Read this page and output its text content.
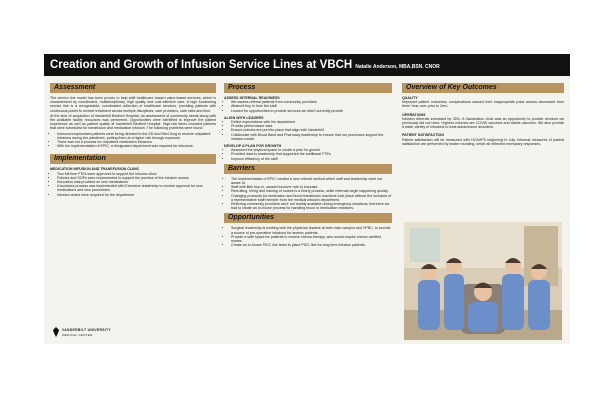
Creation and Growth of Infusion Service Lines at VBCH Natalie Anderson, MBA.BSN. CNOR
Assessment

The service line model has been proven to help shift healthcare toward value-based services, which is characterized by coordinated, multidisciplinary, high quality and cost-effective care. A high functioning service line is a recognizable, coordinated collection of healthcare services, providing patients with continuous points to receive treatment across multiple disciplines, care providers, care sites and time.

At the time of acquisition of Vanderbilt Bedford Hospital, an assessment of community needs along with the available facility resources was performed. Opportunities were identified to improve the patient experience as well as patient quality at Vanderbilt Bedford Hospital. High-risk items included patients that were scheduled for transfusion and medication infusion. The following problems were found.

• Immunocompromised patients were being directed to the ED and Med Surg to receive outpatient infusions during the pandemic, putting them at a higher risk through exposure.
• There was not a process for outpatient medication infusions
• With the implementation of EPIC, a designated department was required for infusions.
Implementation
MEDICATION INFUSION AND TRANSFUSION CLINIC
• Two full time FTEs were approved to support the infusion clinic
• Policies and SOPs were implemented to support the practice of the infusion nurses
• Education was provided on new medications
• A business process was implemented with Executive leadership to receive approval for new medications and new procedures.
• Infusion chairs were acquired for the department
Process
ASSESS INTERNAL READINESS
• We assess referral patients from community providers
• Attained buy in from the staff
• Looked for opportunities to provide services we didn't currently provide
ALIGN WITH LEADERS
• Define expectations with the department
• Provide performance data
• Ensure policies are put into place that align with Vanderbilt
• Collaborate with Blood Bank and Pharmacy leadership to ensure that our processes support the infusion model.
DEVELOP A PLAN FOR GROWTH
• Assessed the physical space to create a plan for growth
• Provided data to leadership that supported the additional FTEs
• Improve efficiency of the staff
Barriers
• The implementation of EPIC created a new referral method which staff and leadership were not aware of.
• Staff with little buy-in, caused turnover rate to increase.
• Recruiting, hiring and training of nurses is a timely process, while referrals begin happening quickly.
• Changing protocols for medication and blood transfusion reactions took place without the inclusion of a representative staff member from the medical infusion department.
• Referring community providers were not readily available during emergency situations, therefore we had to create an in-house process for handling blood or medication reactions.
Opportunities
• Surgical leadership is working with the physician leaders at both main campus and VPBC, to provide a source of pre-operative infusions for anemic patients.
• Provide a safe space for patients to receive chemo-therapy, who would require chemo certified nurses.
• Create an in-house PICC line team to place PICC line for long term infusion patients.
Overview of Key Outcomes
QUALITY

Improved patient outcomes; complications caused from inappropriate ports access decreased from three Year-over-prior to Zero.

OPERATIONS

Infusion referrals increased by 35%. A Vaccination clinic was an opportunity to provide services we previously did not have. Highest volumes are COVID vaccines and rabies vaccines. We also provide a wider variety of infusions to treat autoimmune disorders.

PATIENT SATISFACTION

Patient satisfaction will be measured with HCAHPS beginning in July. Informal measures of patient satisfaction are performed by leader rounding, which all reflected exemplary responses.

VANDERBILT UNIVERSITY
MEDICAL CENTER
